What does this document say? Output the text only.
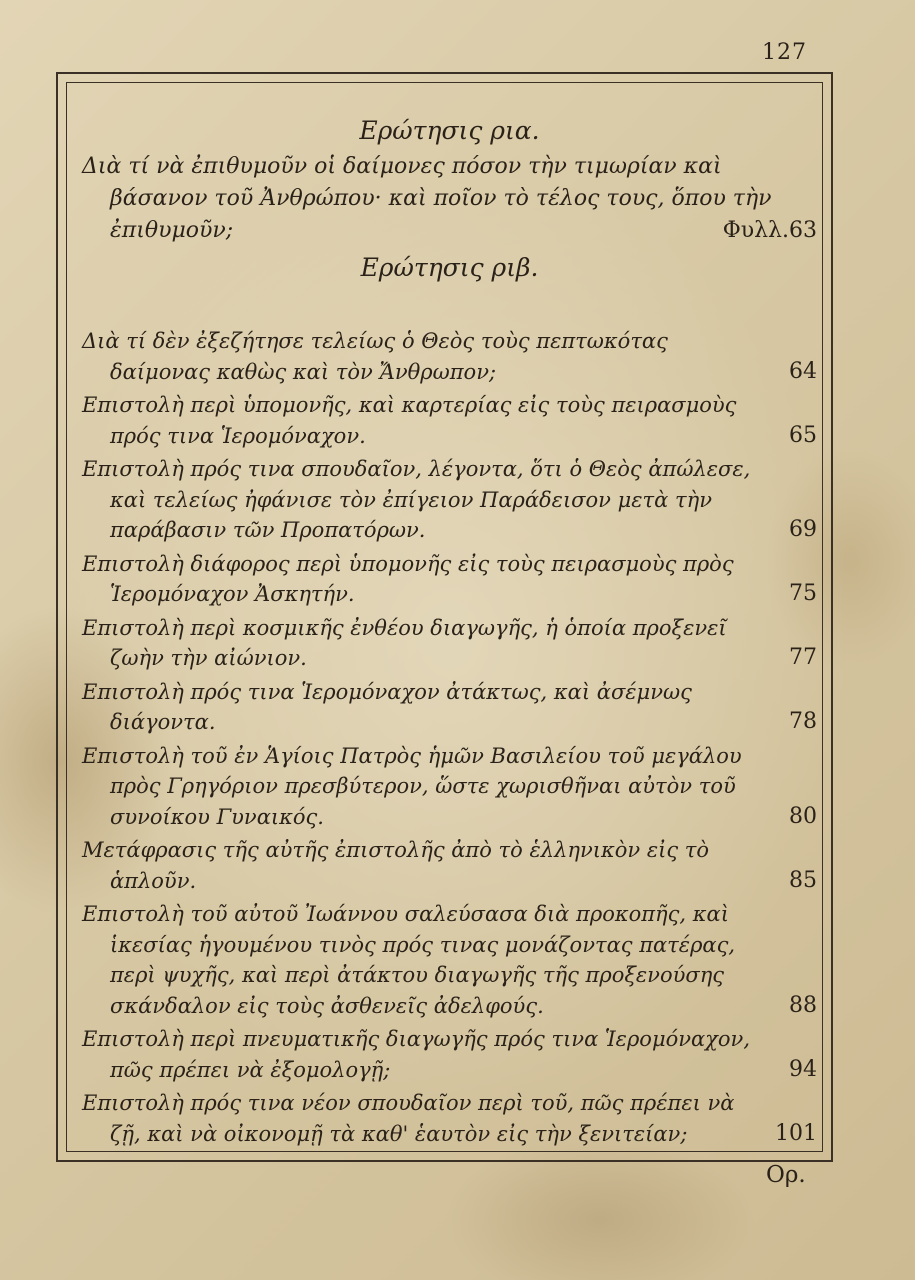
127
Ερώτησις ρια.
Διὰ τί νὰ ἐπιθυμοῦν οἱ δαίμονες πόσον τὴν τιμωρίαν καὶ βάσανον τοῦ Ἀνθρώπου· καὶ ποῖον τὸ τέλος τους, ὅπου τὴν ἐπιθυμοῦν;	Φυλλ.63
Ερώτησις ριβ.
Διὰ τί δὲν ἐξεζήτησε τελείως ὁ Θεὸς τοὺς πεπτωκότας δαίμονας καθὼς καὶ τὸν Ἄνθρωπον;	64
Επιστολὴ περὶ ὑπομονῆς, καὶ καρτερίας εἰς τοὺς πειρασμοὺς πρός τινα Ἱερομόναχον.	65
Επιστολὴ πρός τινα σπουδαῖον, λέγοντα, ὅτι ὁ Θεὸς ἀπώλεσε, καὶ τελείως ἠφάνισε τὸν ἐπίγειον Παράδεισον μετὰ τὴν παράβασιν τῶν Προπατόρων.	69
Επιστολὴ διάφορος περὶ ὑπομονῆς εἰς τοὺς πειρασμοὺς πρὸς Ἱερομόναχον Ἀσκητήν.	75
Επιστολὴ περὶ κοσμικῆς ἐνθέου διαγωγῆς, ἡ ὁποία προξενεῖ ζωὴν τὴν αἰώνιον.	77
Επιστολὴ πρός τινα Ἱερομόναχον ἀτάκτως, καὶ ἀσέμνως διάγοντα.	78
Επιστολὴ τοῦ ἐν Ἁγίοις Πατρὸς ἡμῶν Βασιλείου τοῦ μεγάλου πρὸς Γρηγόριον πρεσβύτερον, ὥστε χωρισθῆναι αὐτὸν τοῦ συνοίκου Γυναικός.	80
Μετάφρασις τῆς αὐτῆς ἐπιστολῆς ἀπὸ τὸ ἑλληνικὸν εἰς τὸ ἁπλοῦν.	85
Επιστολὴ τοῦ αὐτοῦ Ἰωάννου σαλεύσασα διὰ προκοπῆς, καὶ ἱκεσίας ἡγουμένου τινὸς πρός τινας μονάζοντας πατέρας, περὶ ψυχῆς, καὶ περὶ ἀτάκτου διαγωγῆς τῆς προξενούσης σκάνδαλον εἰς τοὺς ἀσθενεῖς ἀδελφούς.	88
Επιστολὴ περὶ πνευματικῆς διαγωγῆς πρός τινα Ἱερομόναχον, πῶς πρέπει νὰ ἐξομολογῇ;	94
Επιστολὴ πρός τινα νέον σπουδαῖον περὶ τοῦ, πῶς πρέπει νὰ ζῇ, καὶ νὰ οἰκονομῇ τὰ καθ' ἑαυτὸν εἰς τὴν ξενιτείαν;	101
Ορ.
